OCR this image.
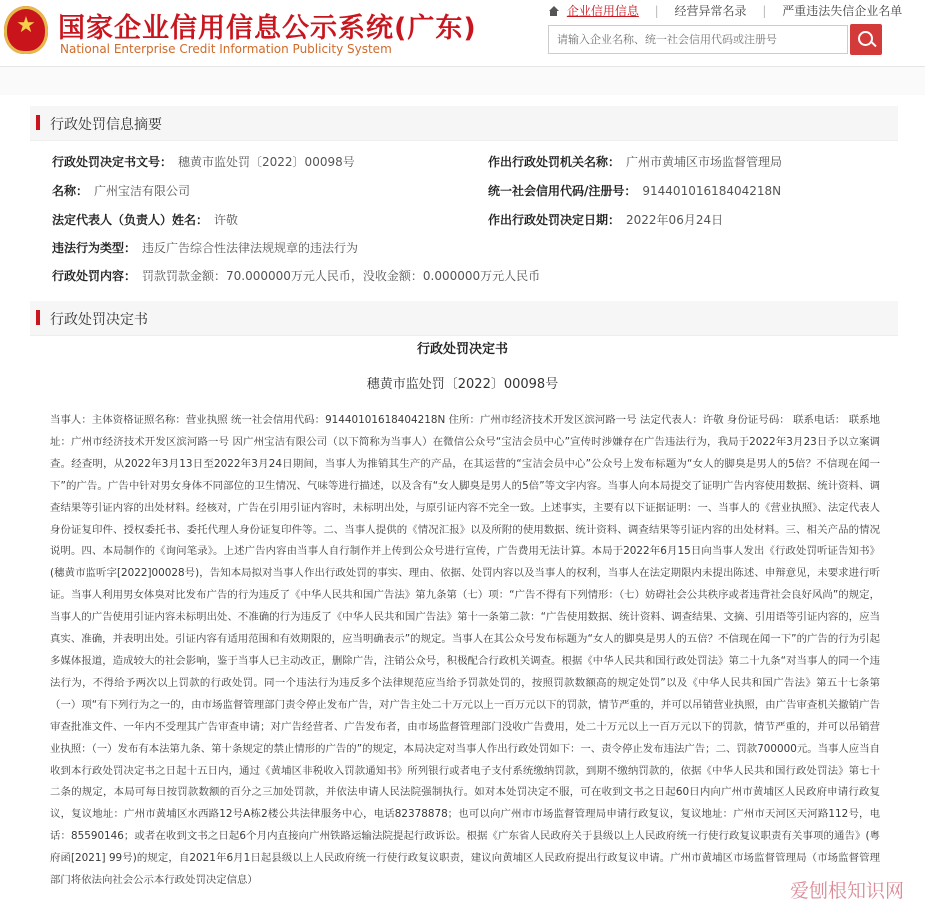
★ 国家企业信用信息公示系统(广东)
National Enterprise Credit Information Publicity System
企业信用信息 | 经营异常名录 | 严重违法失信企业名单
请输入企业名称、统一社会信用代码或注册号
行政处罚信息摘要
行政处罚决定书文号： 穗黄市监处罚〔2022〕00098号	作出行政处罚机关名称： 广州市黄埔区市场监督管理局
名称： 广州宝洁有限公司	统一社会信用代码/注册号： 91440101618404218N
法定代表人（负责人）姓名： 许敬	作出行政处罚决定日期： 2022年06月24日
违法行为类型： 违反广告综合性法律法规规章的违法行为
行政处罚内容： 罚款罚款金额：70.000000万元人民币，没收金额：0.000000万元人民币
行政处罚决定书
行政处罚决定书
穗黄市监处罚〔2022〕00098号

当事人：主体资格证照名称：营业执照 统一社会信用代码：91440101618404218N 住所：广州市经济技术开发区滨河路一号 法定代表人：许敬 身份证号码： 联系电话： 联系地址：广州市经济技术开发区滨河路一号 因广州宝洁有限公司（以下简称为当事人）在微信公众号“宝洁会员中心”宣传时涉嫌存在广告违法行为，我局于2022年3月23日予以立案调查。经查明，从2022年3月13日至2022年3月24日期间，当事人为推销其生产的产品，在其运营的“宝洁会员中心”公众号上发布标题为“女人的脚臭是男人的5倍？不信现在闻一下”的广告。广告中针对男女身体不同部位的卫生情况、气味等进行描述，以及含有“女人脚臭是男人的5倍”等文字内容。当事人向本局提交了证明广告内容使用数据、统计资料、调查结果等引证内容的出处材料。经核对，广告在引用引证内容时，未标明出处，与原引证内容不完全一致。上述事实，主要有以下证据证明：一、当事人的《营业执照》、法定代表人身份证复印件、授权委托书、委托代理人身份证复印件等。二、当事人提供的《情况汇报》以及所附的使用数据、统计资料、调查结果等引证内容的出处材料。三、相关产品的情况说明。四、本局制作的《询问笔录》。上述广告内容由当事人自行制作并上传到公众号进行宣传，广告费用无法计算。本局于2022年6月15日向当事人发出《行政处罚听证告知书》(穗黄市监听字[2022]00028号)，告知本局拟对当事人作出行政处罚的事实、理由、依据、处罚内容以及当事人的权利，当事人在法定期限内未提出陈述、申辩意见，未要求进行听证。当事人利用男女体臭对比发布广告的行为违反了《中华人民共和国广告法》第九条第（七）项：“广告不得有下列情形：（七）妨碍社会公共秩序或者违背社会良好风尚”的规定，当事人的广告使用引证内容未标明出处、不准确的行为违反了《中华人民共和国广告法》第十一条第二款：“广告使用数据、统计资料、调查结果、文摘、引用语等引证内容的，应当真实、准确，并表明出处。引证内容有适用范围和有效期限的，应当明确表示”的规定。当事人在其公众号发布标题为“女人的脚臭是男人的五倍？不信现在闻一下”的广告的行为引起多媒体报道，造成较大的社会影响，鉴于当事人已主动改正，删除广告，注销公众号，积极配合行政机关调查。根据《中华人民共和国行政处罚法》第二十九条“对当事人的同一个违法行为，不得给予两次以上罚款的行政处罚。同一个违法行为违反多个法律规范应当给予罚款处罚的，按照罚款数额高的规定处罚”以及《中华人民共和国广告法》第五十七条第（一）项“有下列行为之一的，由市场监督管理部门责令停止发布广告，对广告主处二十万元以上一百万元以下的罚款，情节严重的，并可以吊销营业执照，由广告审查机关撤销广告审查批准文件、一年内不受理其广告审查申请；对广告经营者、广告发布者，由市场监督管理部门没收广告费用，处二十万元以上一百万元以下的罚款，情节严重的，并可以吊销营业执照：（一）发布有本法第九条、第十条规定的禁止情形的广告的”的规定，本局决定对当事人作出行政处罚如下：一、责令停止发布违法广告；二、罚款700000元。当事人应当自收到本行政处罚决定书之日起十五日内，通过《黄埔区非税收入罚款通知书》所列银行或者电子支付系统缴纳罚款，到期不缴纳罚款的，依据《中华人民共和国行政处罚法》第七十二条的规定，本局可每日按罚款数额的百分之三加处罚款，并依法申请人民法院强制执行。如对本处罚决定不服，可在收到文书之日起60日内向广州市黄埔区人民政府申请行政复议，复议地址：广州市黄埔区水西路12号A栋2楼公共法律服务中心，电话82378878；也可以向广州市市场监督管理局申请行政复议，复议地址：广州市天河区天河路112号，电话：85590146；或者在收到文书之日起6个月内直接向广州铁路运输法院提起行政诉讼。根据《广东省人民政府关于县级以上人民政府统一行使行政复议职责有关事项的通告》(粤府函[2021] 99号)的规定，自2021年6月1日起县级以上人民政府统一行使行政复议职责，建议向黄埔区人民政府提出行政复议申请。广州市黄埔区市场监督管理局（市场监督管理部门将依法向社会公示本行政处罚决定信息）	爱刨根知识网
